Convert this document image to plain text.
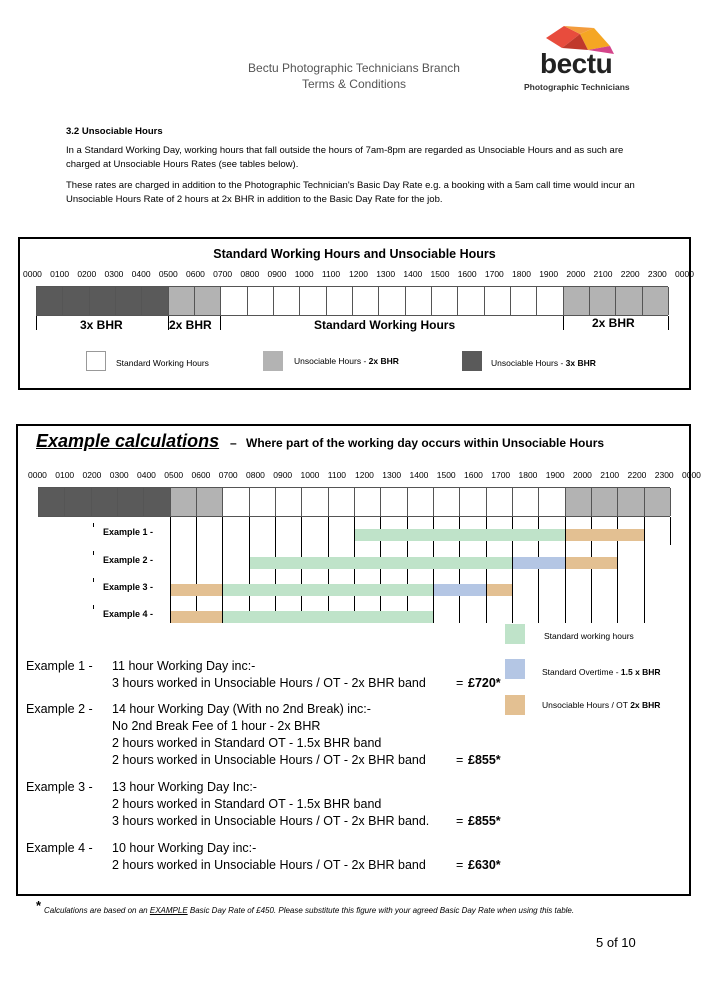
Bectu Photographic Technicians Branch
Terms & Conditions
bectu
Photographic Technicians
3.2 Unsociable Hours
In a Standard Working Day, working hours that fall outside the hours of 7am-8pm are regarded as Unsociable Hours and as such are charged at Unsociable Hours Rates (see tables below).
These rates are charged in addition to the Photographic Technician's Basic Day Rate e.g. a booking with a 5am call time would incur an Unsociable Hours Rate of 2 hours at 2x BHR in addition to the Basic Day Rate for the job.
Standard Working Hours and Unsociable Hours
0000 0100 0200 0300 0400 0500 0600 0700 0800 0900 1000 1100 1200 1300 1400 1500 1600 1700 1800 1900 2000 2100 2200 2300 0000
3x BHR	2x BHR	Standard Working Hours	2x BHR
Standard Working Hours	Unsociable Hours - 2x BHR	Unsociable Hours - 3x BHR
Example calculations – Where part of the working day occurs within Unsociable Hours
0000 0100 0200 0300 0400 0500 0600 0700 0800 0900 1000 1100 1200 1300 1400 1500 1600 1700 1800 1900 2000 2100 2200 2300 0000
Example 1 -
Example 2 -
Example 3 -
Example 4 -
Standard working hours
Standard Overtime - 1.5 x BHR
Unsociable Hours / OT 2x BHR
Example 1 - 11 hour Working Day inc:-
3 hours worked in Unsociable Hours / OT - 2x BHR band = £720*
Example 2 - 14 hour Working Day (With no 2nd Break) inc:-
No 2nd Break Fee of 1 hour - 2x BHR
2 hours worked in Standard OT - 1.5x BHR band
2 hours worked in Unsociable Hours / OT - 2x BHR band = £855*
Example 3 - 13 hour Working Day Inc:-
2 hours worked in Standard OT - 1.5x BHR band
3 hours worked in Unsociable Hours / OT - 2x BHR band. = £855*
Example 4 - 10 hour Working Day inc:-
2 hours worked in Unsociable Hours / OT - 2x BHR band = £630*
* Calculations are based on an EXAMPLE Basic Day Rate of £450. Please substitute this figure with your agreed Basic Day Rate when using this table.
5 of 10
